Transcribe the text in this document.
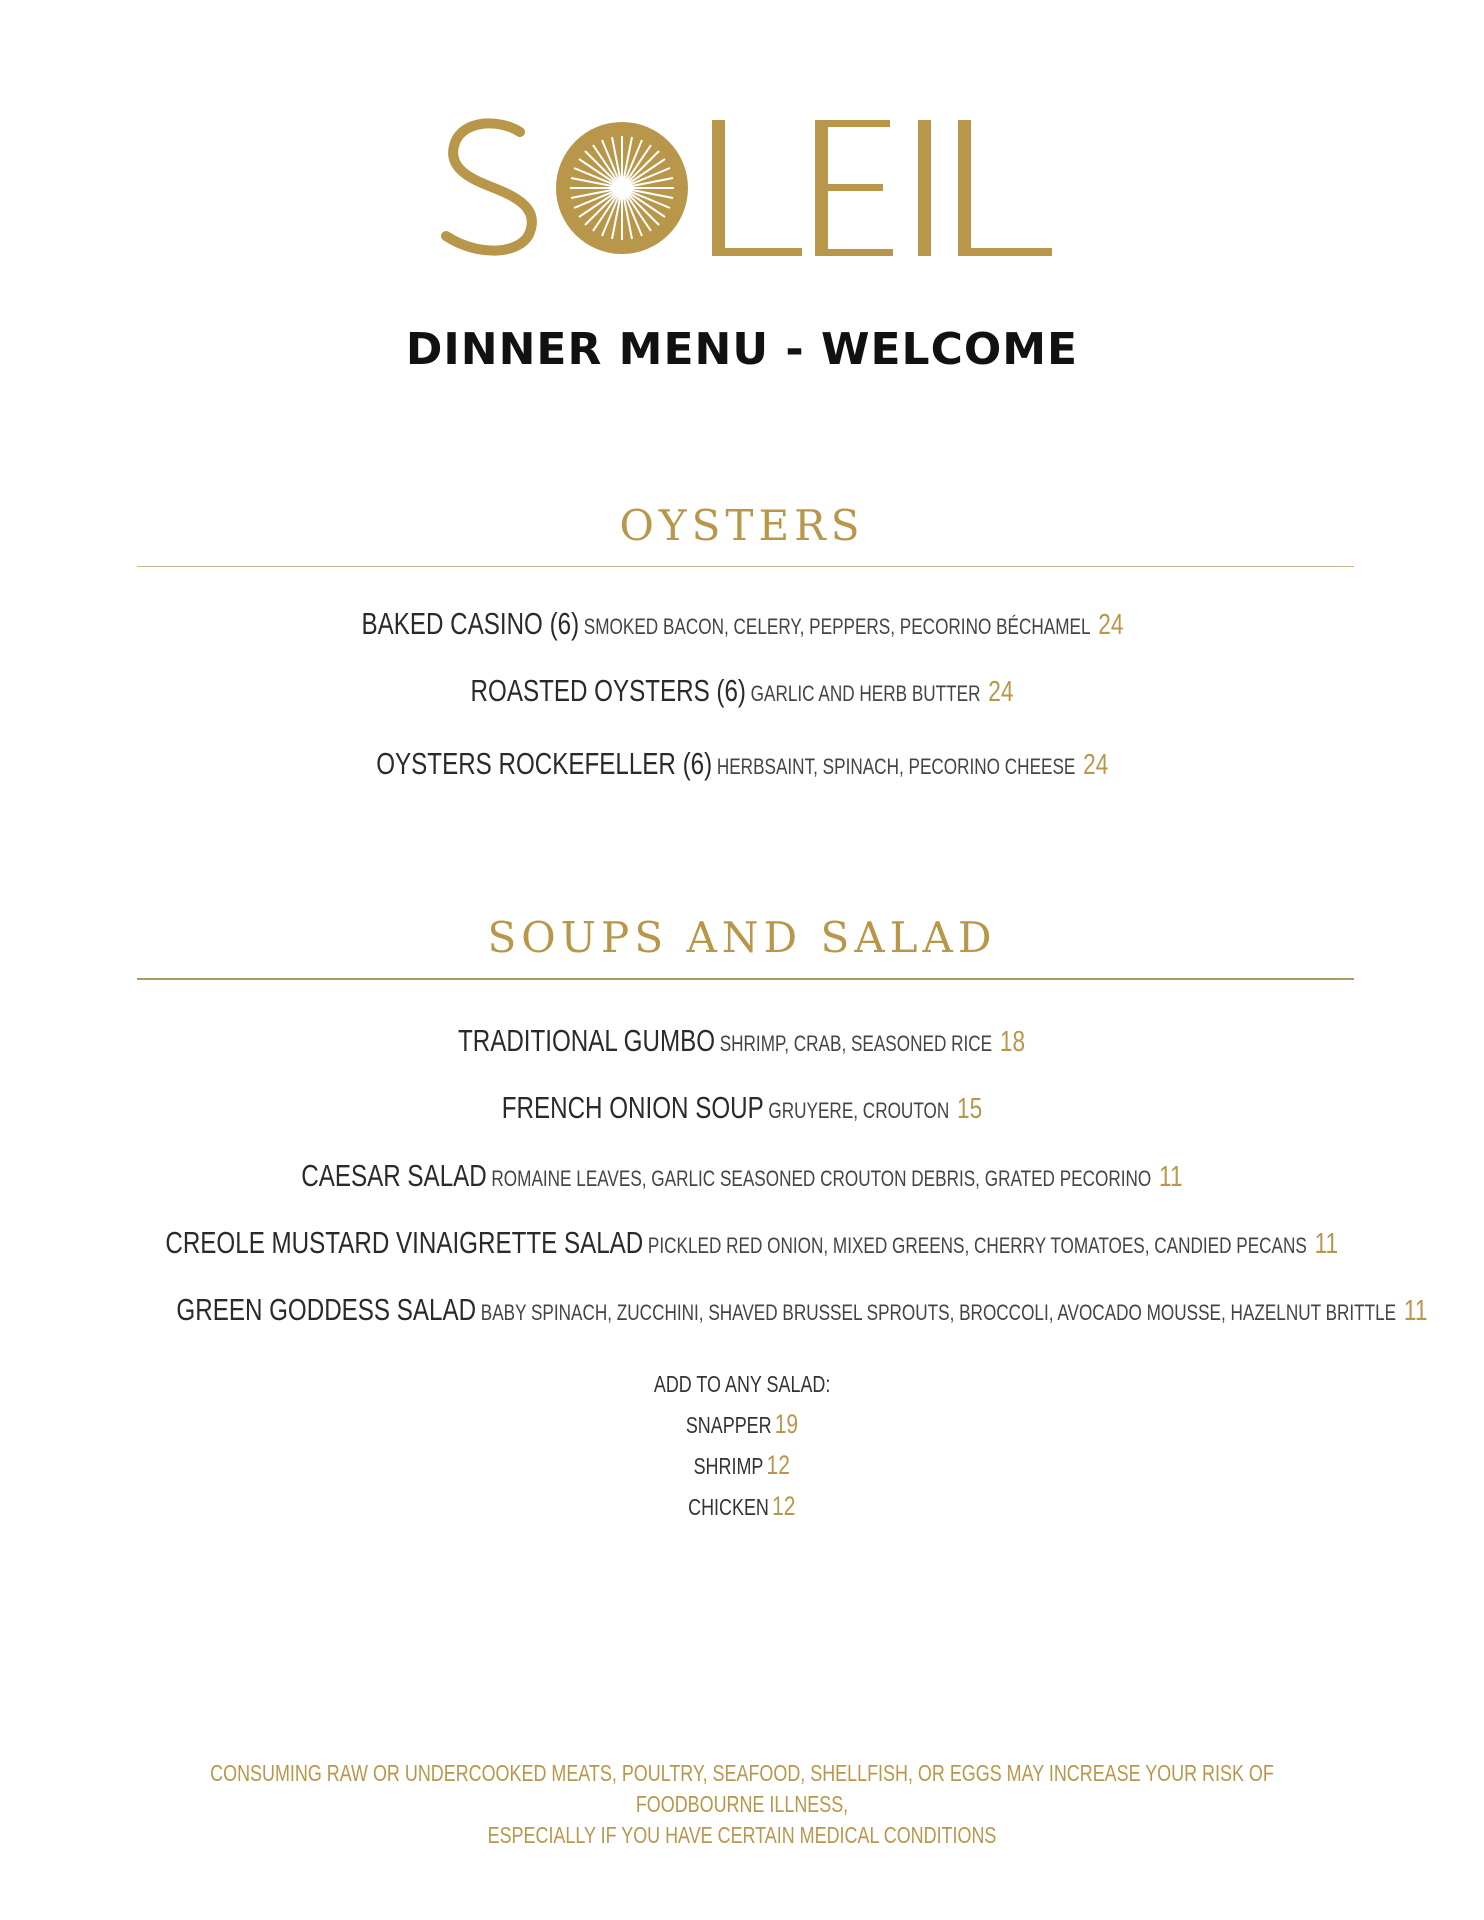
DINNER MENU - WELCOME
OYSTERS
BAKED CASINO (6) SMOKED BACON, CELERY, PEPPERS, PECORINO BÉCHAMEL 24
ROASTED OYSTERS (6) GARLIC AND HERB BUTTER 24
OYSTERS ROCKEFELLER (6) HERBSAINT, SPINACH, PECORINO CHEESE 24
SOUPS AND SALAD
TRADITIONAL GUMBO SHRIMP, CRAB, SEASONED RICE 18
FRENCH ONION SOUP GRUYERE, CROUTON 15
CAESAR SALAD ROMAINE LEAVES, GARLIC SEASONED CROUTON DEBRIS, GRATED PECORINO 11
CREOLE MUSTARD VINAIGRETTE SALAD PICKLED RED ONION, MIXED GREENS, CHERRY TOMATOES, CANDIED PECANS 11
GREEN GODDESS SALAD BABY SPINACH, ZUCCHINI, SHAVED BRUSSEL SPROUTS, BROCCOLI, AVOCADO MOUSSE, HAZELNUT BRITTLE 11
ADD TO ANY SALAD:
SNAPPER 19
SHRIMP 12
CHICKEN 12
CONSUMING RAW OR UNDERCOOKED MEATS, POULTRY, SEAFOOD, SHELLFISH, OR EGGS MAY INCREASE YOUR RISK OF FOODBOURNE ILLNESS,
ESPECIALLY IF YOU HAVE CERTAIN MEDICAL CONDITIONS
